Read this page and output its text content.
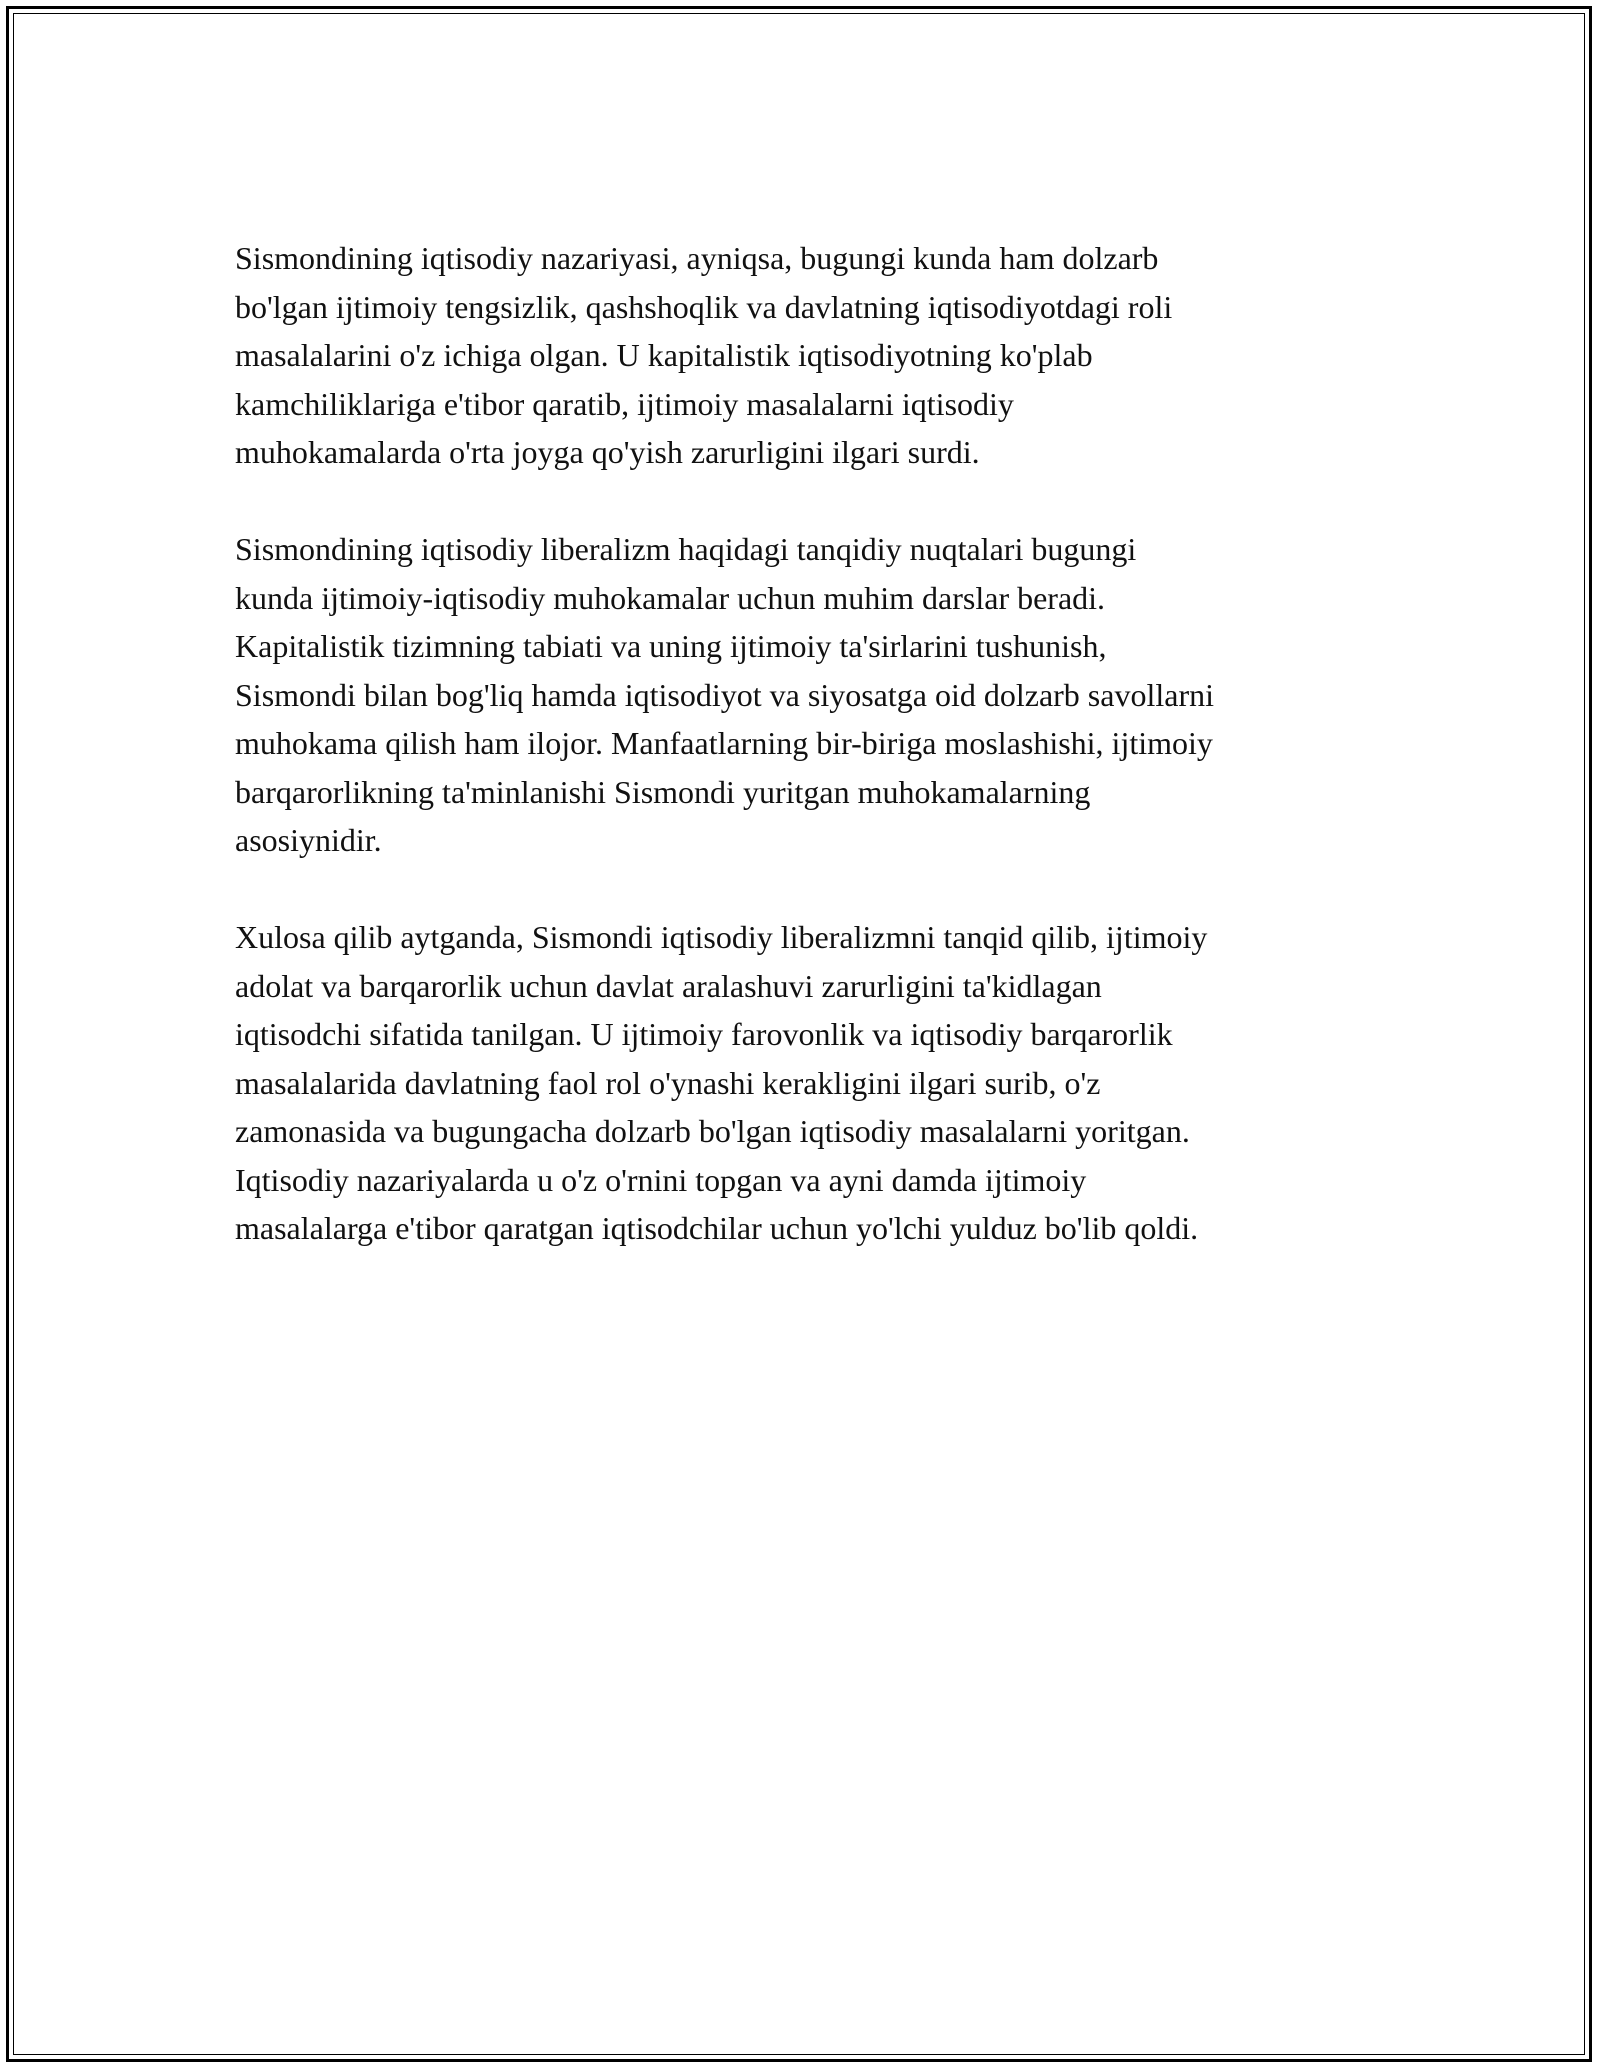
Sismondining iqtisodiy nazariyasi, ayniqsa, bugungi kunda ham dolzarb
bo'lgan ijtimoiy tengsizlik, qashshoqlik va davlatning iqtisodiyotdagi roli
masalalarini o'z ichiga olgan. U kapitalistik iqtisodiyotning ko'plab
kamchiliklariga e'tibor qaratib, ijtimoiy masalalarni iqtisodiy
muhokamalarda o'rta joyga qo'yish zarurligini ilgari surdi.

Sismondining iqtisodiy liberalizm haqidagi tanqidiy nuqtalari bugungi
kunda ijtimoiy-iqtisodiy muhokamalar uchun muhim darslar beradi.
Kapitalistik tizimning tabiati va uning ijtimoiy ta'sirlarini tushunish,
Sismondi bilan bog'liq hamda iqtisodiyot va siyosatga oid dolzarb savollarni
muhokama qilish ham ilojor. Manfaatlarning bir-biriga moslashishi, ijtimoiy
barqarorlikning ta'minlanishi Sismondi yuritgan muhokamalarning
asosiynidir.

Xulosa qilib aytganda, Sismondi iqtisodiy liberalizmni tanqid qilib, ijtimoiy
adolat va barqarorlik uchun davlat aralashuvi zarurligini ta'kidlagan
iqtisodchi sifatida tanilgan. U ijtimoiy farovonlik va iqtisodiy barqarorlik
masalalarida davlatning faol rol o'ynashi kerakligini ilgari surib, o'z
zamonasida va bugungacha dolzarb bo'lgan iqtisodiy masalalarni yoritgan.
Iqtisodiy nazariyalarda u o'z o'rnini topgan va ayni damda ijtimoiy
masalalarga e'tibor qaratgan iqtisodchilar uchun yo'lchi yulduz bo'lib qoldi.
